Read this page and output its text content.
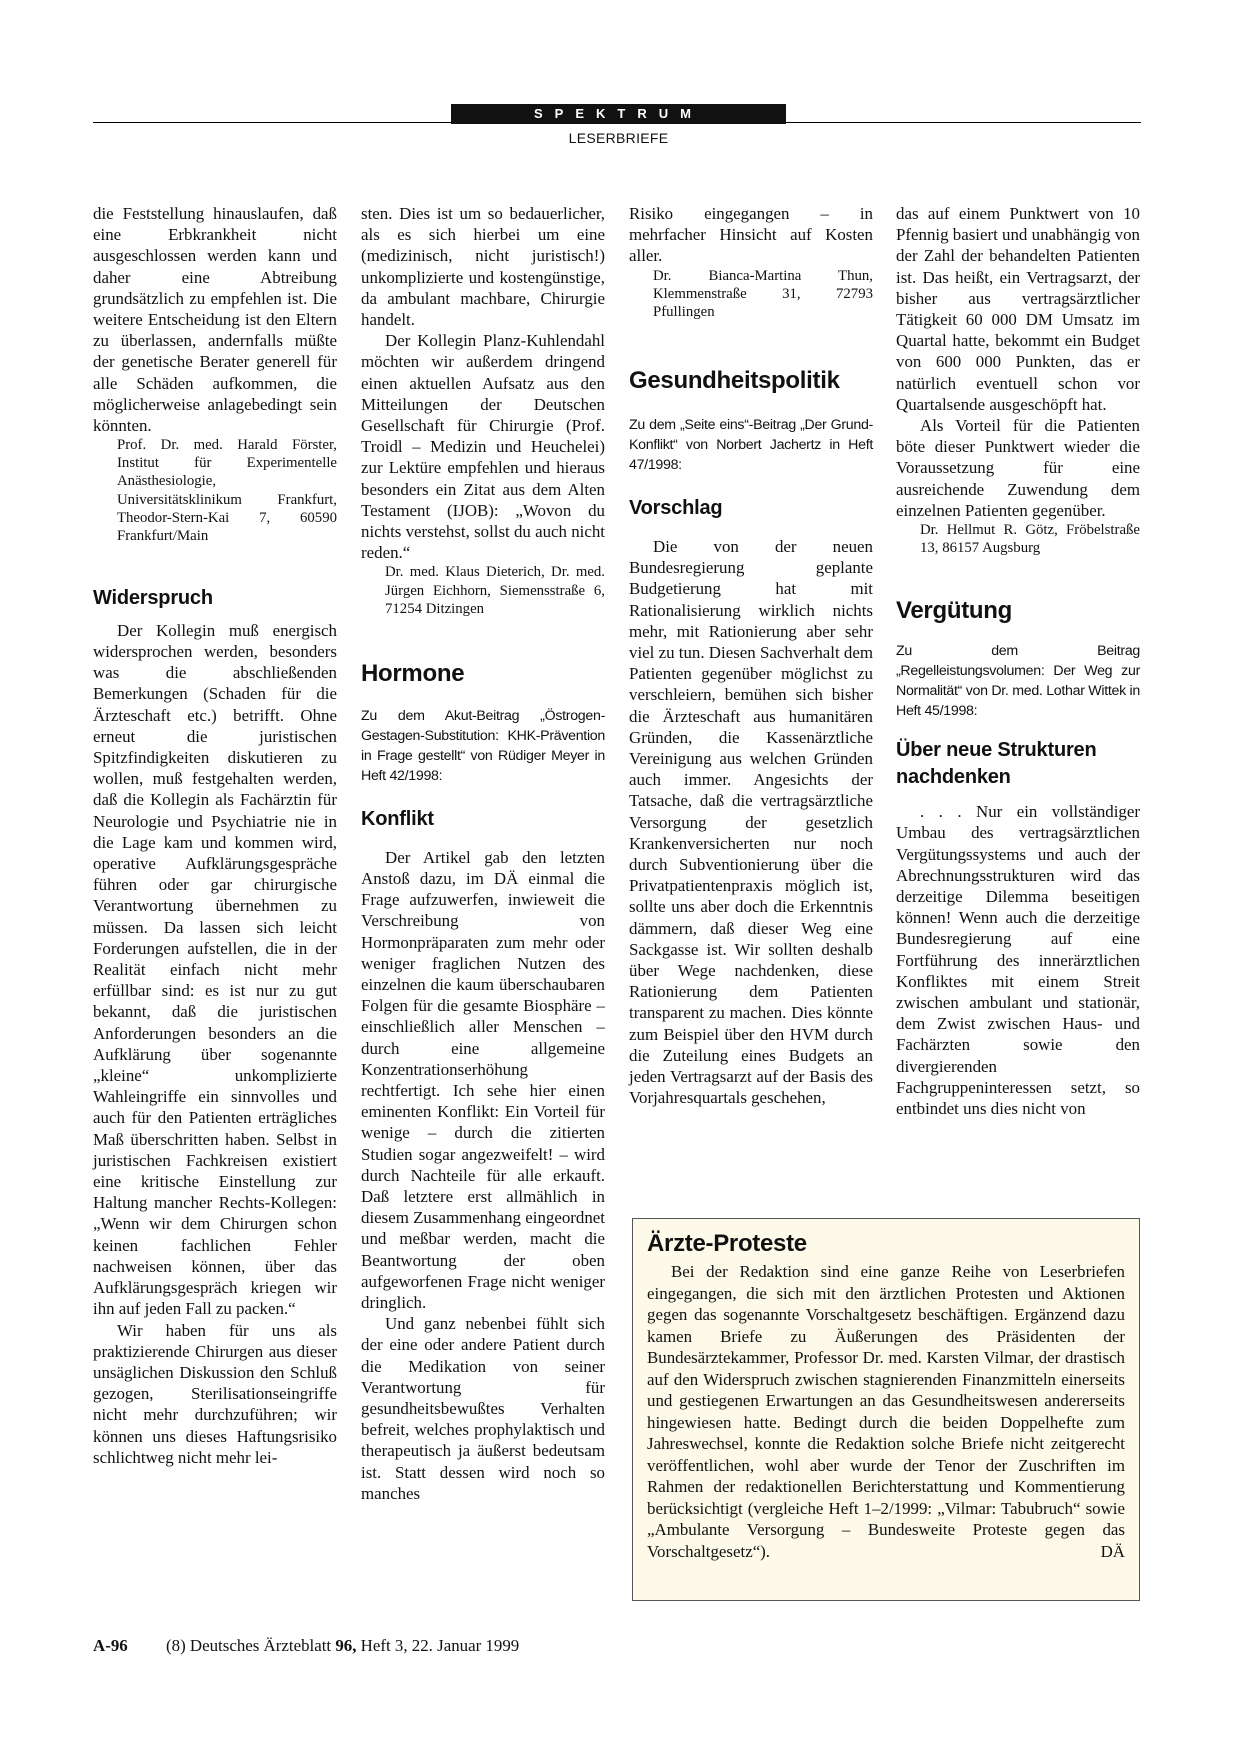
SPEKTRUM
LESERBRIEFE

die Feststellung hinauslaufen, daß eine Erbkrankheit nicht ausgeschlossen werden kann und daher eine Abtreibung grundsätzlich zu empfehlen ist. Die weitere Entscheidung ist den Eltern zu überlassen, andernfalls müßte der genetische Berater generell für alle Schäden aufkommen, die möglicherweise anlagebedingt sein könnten.

Prof. Dr. med. Harald Förster, Institut für Experimentelle Anästhesiologie, Universitätsklinikum Frankfurt, Theodor-Stern-Kai 7, 60590 Frankfurt/Main

Widerspruch

Der Kollegin muß energisch widersprochen werden, besonders was die abschließenden Bemerkungen (Schaden für die Ärzteschaft etc.) betrifft. Ohne erneut die juristischen Spitzfindigkeiten diskutieren zu wollen, muß festgehalten werden, daß die Kollegin als Fachärztin für Neurologie und Psychiatrie nie in die Lage kam und kommen wird, operative Aufklärungsgespräche führen oder gar chirurgische Verantwortung übernehmen zu müssen. Da lassen sich leicht Forderungen aufstellen, die in der Realität einfach nicht mehr erfüllbar sind: es ist nur zu gut bekannt, daß die juristischen Anforderungen besonders an die Aufklärung über sogenannte „kleine“ unkomplizierte Wahleingriffe ein sinnvolles und auch für den Patienten erträgliches Maß überschritten haben. Selbst in juristischen Fachkreisen existiert eine kritische Einstellung zur Haltung mancher Rechts-Kollegen: „Wenn wir dem Chirurgen schon keinen fachlichen Fehler nachweisen können, über das Aufklärungsgespräch kriegen wir ihn auf jeden Fall zu packen.“

Wir haben für uns als praktizierende Chirurgen aus dieser unsäglichen Diskussion den Schluß gezogen, Sterilisationseingriffe nicht mehr durchzuführen; wir können uns dieses Haftungsrisiko schlichtweg nicht mehr lei-

sten. Dies ist um so bedauerlicher, als es sich hierbei um eine (medizinisch, nicht juristisch!) unkomplizierte und kostengünstige, da ambulant machbare, Chirurgie handelt.

Der Kollegin Planz-Kuhlendahl möchten wir außerdem dringend einen aktuellen Aufsatz aus den Mitteilungen der Deutschen Gesellschaft für Chirurgie (Prof. Troidl – Medizin und Heuchelei) zur Lektüre empfehlen und hieraus besonders ein Zitat aus dem Alten Testament (IJOB): „Wovon du nichts verstehst, sollst du auch nicht reden.“

Dr. med. Klaus Dieterich, Dr. med. Jürgen Eichhorn, Siemensstraße 6, 71254 Ditzingen

Hormone

Zu dem Akut-Beitrag „Östrogen-Gestagen-Substitution: KHK-Prävention in Frage gestellt“ von Rüdiger Meyer in Heft 42/1998:

Konflikt

Der Artikel gab den letzten Anstoß dazu, im DÄ einmal die Frage aufzuwerfen, inwieweit die Verschreibung von Hormonpräparaten zum mehr oder weniger fraglichen Nutzen des einzelnen die kaum überschaubaren Folgen für die gesamte Biosphäre – einschließlich aller Menschen – durch eine allgemeine Konzentrationserhöhung rechtfertigt. Ich sehe hier einen eminenten Konflikt: Ein Vorteil für wenige – durch die zitierten Studien sogar angezweifelt! – wird durch Nachteile für alle erkauft. Daß letztere erst allmählich in diesem Zusammenhang eingeordnet und meßbar werden, macht die Beantwortung der oben aufgeworfenen Frage nicht weniger dringlich.

Und ganz nebenbei fühlt sich der eine oder andere Patient durch die Medikation von seiner Verantwortung für gesundheitsbewußtes Verhalten befreit, welches prophylaktisch und therapeutisch ja äußerst bedeutsam ist. Statt dessen wird noch so manches

Risiko eingegangen – in mehrfacher Hinsicht auf Kosten aller.

Dr. Bianca-Martina Thun, Klemmenstraße 31, 72793 Pfullingen

Gesundheitspolitik

Zu dem „Seite eins“-Beitrag „Der Grund-Konflikt“ von Norbert Jachertz in Heft 47/1998:

Vorschlag

Die von der neuen Bundesregierung geplante Budgetierung hat mit Rationalisierung wirklich nichts mehr, mit Rationierung aber sehr viel zu tun. Diesen Sachverhalt dem Patienten gegenüber möglichst zu verschleiern, bemühen sich bisher die Ärzteschaft aus humanitären Gründen, die Kassenärztliche Vereinigung aus welchen Gründen auch immer. Angesichts der Tatsache, daß die vertragsärztliche Versorgung der gesetzlich Krankenversicherten nur noch durch Subventionierung über die Privatpatientenpraxis möglich ist, sollte uns aber doch die Erkenntnis dämmern, daß dieser Weg eine Sackgasse ist. Wir sollten deshalb über Wege nachdenken, diese Rationierung dem Patienten transparent zu machen. Dies könnte zum Beispiel über den HVM durch die Zuteilung eines Budgets an jeden Vertragsarzt auf der Basis des Vorjahresquartals geschehen,

das auf einem Punktwert von 10 Pfennig basiert und unabhängig von der Zahl der behandelten Patienten ist. Das heißt, ein Vertragsarzt, der bisher aus vertragsärztlicher Tätigkeit 60 000 DM Umsatz im Quartal hatte, bekommt ein Budget von 600 000 Punkten, das er natürlich eventuell schon vor Quartalsende ausgeschöpft hat.

Als Vorteil für die Patienten böte dieser Punktwert wieder die Voraussetzung für eine ausreichende Zuwendung dem einzelnen Patienten gegenüber.

Dr. Hellmut R. Götz, Fröbelstraße 13, 86157 Augsburg

Vergütung

Zu dem Beitrag „Regelleistungsvolumen: Der Weg zur Normalität“ von Dr. med. Lothar Wittek in Heft 45/1998:

Über neue Strukturen nachdenken

. . . Nur ein vollständiger Umbau des vertragsärztlichen Vergütungssystems und auch der Abrechnungsstrukturen wird das derzeitige Dilemma beseitigen können! Wenn auch die derzeitige Bundesregierung auf eine Fortführung des innerärztlichen Konfliktes mit einem Streit zwischen ambulant und stationär, dem Zwist zwischen Haus- und Fachärzten sowie den divergierenden Fachgruppeninteressen setzt, so entbindet uns dies nicht von

Ärzte-Proteste

Bei der Redaktion sind eine ganze Reihe von Leserbriefen eingegangen, die sich mit den ärztlichen Protesten und Aktionen gegen das sogenannte Vorschaltgesetz beschäftigen. Ergänzend dazu kamen Briefe zu Äußerungen des Präsidenten der Bundesärztekammer, Professor Dr. med. Karsten Vilmar, der drastisch auf den Widerspruch zwischen stagnierenden Finanzmitteln einerseits und gestiegenen Erwartungen an das Gesundheitswesen andererseits hingewiesen hatte. Bedingt durch die beiden Doppelhefte zum Jahreswechsel, konnte die Redaktion solche Briefe nicht zeitgerecht veröffentlichen, wohl aber wurde der Tenor der Zuschriften im Rahmen der redaktionellen Berichterstattung und Kommentierung berücksichtigt (vergleiche Heft 1–2/1999: „Vilmar: Tabubruch“ sowie „Ambulante Versorgung – Bundesweite Proteste gegen das Vorschaltgesetz“).	DÄ

A-96 (8) Deutsches Ärzteblatt 96, Heft 3, 22. Januar 1999
